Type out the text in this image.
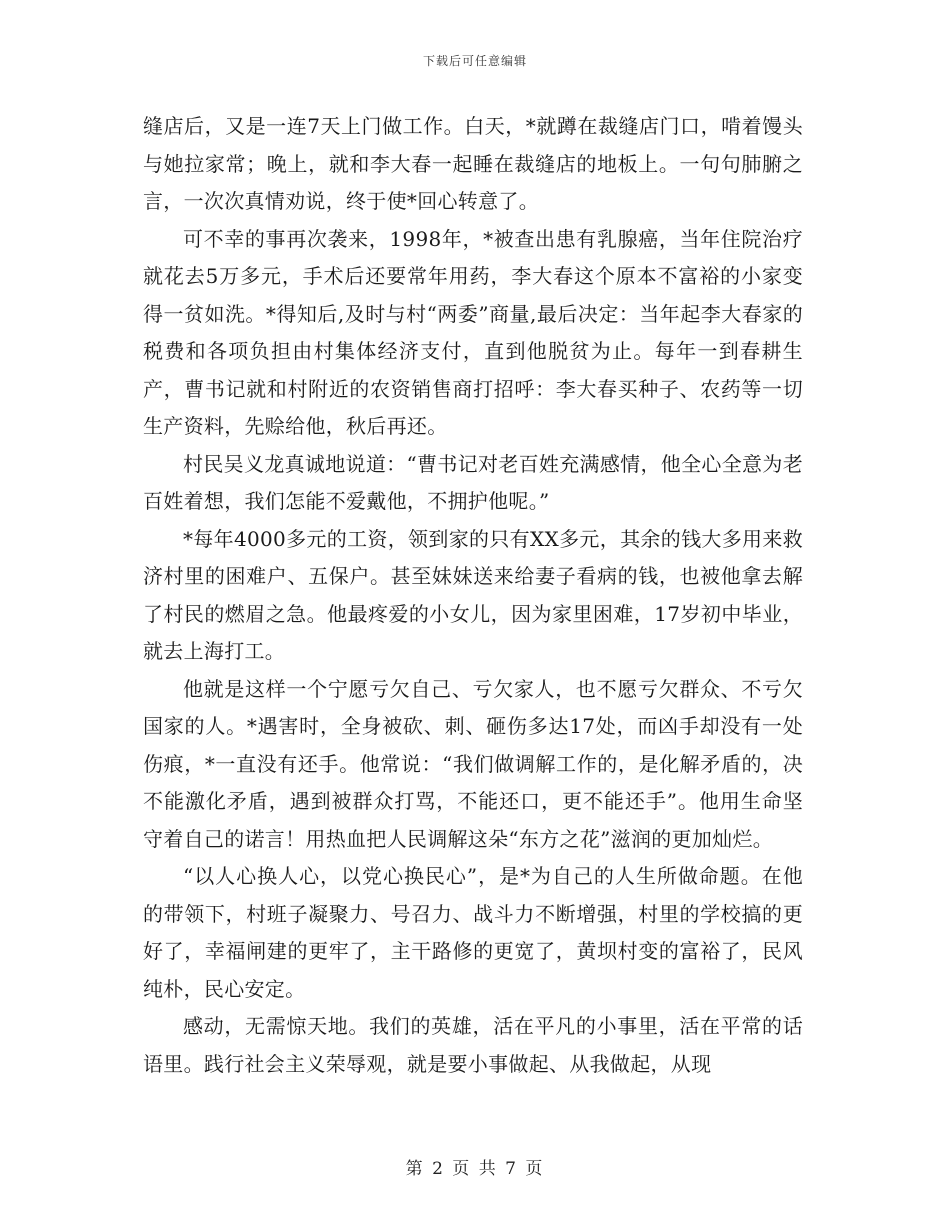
下载后可任意编辑

缝店后，又是一连7天上门做工作。白天，*就蹲在裁缝店门口，啃着馒头与她拉家常；晚上，就和李大春一起睡在裁缝店的地板上。一句句肺腑之言，一次次真情劝说，终于使*回心转意了。

可不幸的事再次袭来，1998年，*被查出患有乳腺癌，当年住院治疗就花去5万多元，手术后还要常年用药，李大春这个原本不富裕的小家变得一贫如洗。*得知后,及时与村“两委”商量,最后决定：当年起李大春家的税费和各项负担由村集体经济支付，直到他脱贫为止。每年一到春耕生产，曹书记就和村附近的农资销售商打招呼：李大春买种子、农药等一切生产资料，先赊给他，秋后再还。

村民吴义龙真诚地说道：“曹书记对老百姓充满感情，他全心全意为老百姓着想，我们怎能不爱戴他，不拥护他呢。”

*每年4000多元的工资，领到家的只有XX多元，其余的钱大多用来救济村里的困难户、五保户。甚至妹妹送来给妻子看病的钱，也被他拿去解了村民的燃眉之急。他最疼爱的小女儿，因为家里困难，17岁初中毕业，就去上海打工。

他就是这样一个宁愿亏欠自己、亏欠家人，也不愿亏欠群众、不亏欠国家的人。*遇害时，全身被砍、刺、砸伤多达17处，而凶手却没有一处伤痕，*一直没有还手。他常说：“我们做调解工作的，是化解矛盾的，决不能激化矛盾，遇到被群众打骂，不能还口，更不能还手”。他用生命坚守着自己的诺言！用热血把人民调解这朵“东方之花”滋润的更加灿烂。

“以人心换人心，以党心换民心”，是*为自己的人生所做命题。在他的带领下，村班子凝聚力、号召力、战斗力不断增强，村里的学校搞的更好了，幸福闸建的更牢了，主干路修的更宽了，黄坝村变的富裕了，民风纯朴，民心安定。

感动，无需惊天地。我们的英雄，活在平凡的小事里，活在平常的话语里。践行社会主义荣辱观，就是要小事做起、从我做起，从现

第 2 页 共 7 页
